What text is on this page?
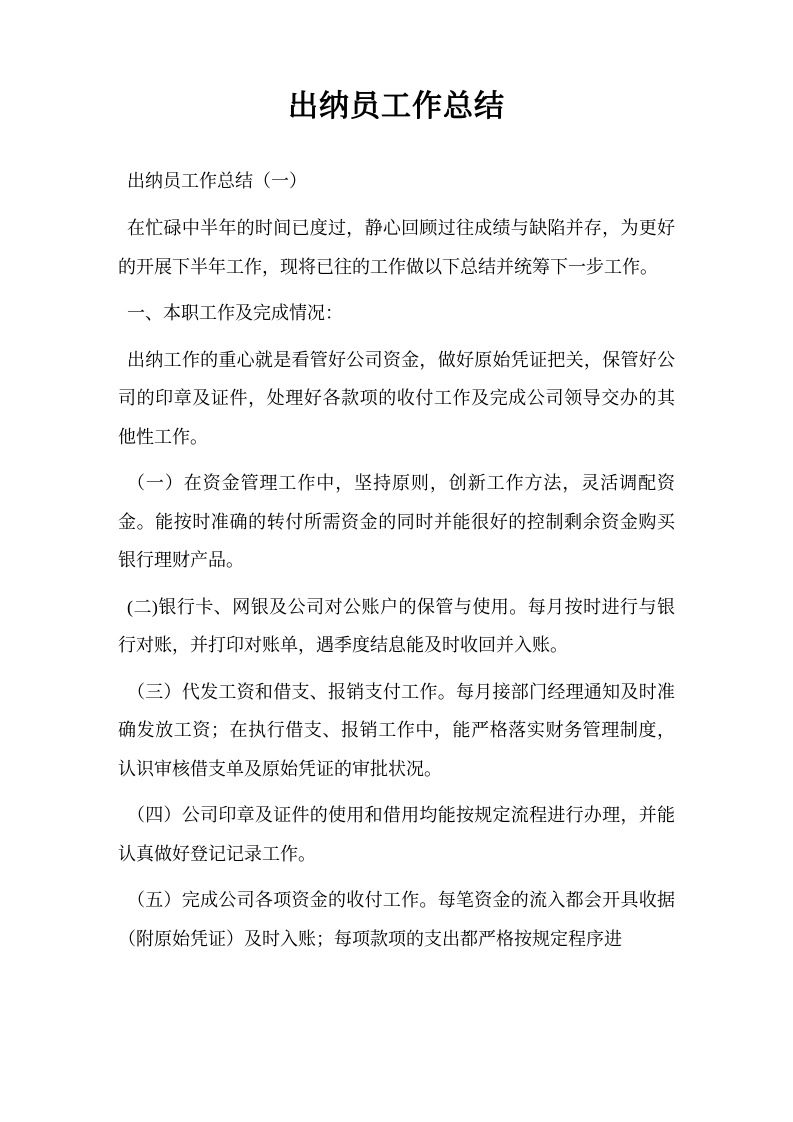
出纳员工作总结

出纳员工作总结（一）

在忙碌中半年的时间已度过，静心回顾过往成绩与缺陷并存，为更好的开展下半年工作，现将已往的工作做以下总结并统筹下一步工作。

一、本职工作及完成情况：

出纳工作的重心就是看管好公司资金，做好原始凭证把关，保管好公司的印章及证件，处理好各款项的收付工作及完成公司领导交办的其他性工作。

（一）在资金管理工作中，坚持原则，创新工作方法，灵活调配资金。能按时准确的转付所需资金的同时并能很好的控制剩余资金购买银行理财产品。

(二)银行卡、网银及公司对公账户的保管与使用。每月按时进行与银行对账，并打印对账单，遇季度结息能及时收回并入账。

（三）代发工资和借支、报销支付工作。每月接部门经理通知及时准确发放工资；在执行借支、报销工作中，能严格落实财务管理制度，认识审核借支单及原始凭证的审批状况。

（四）公司印章及证件的使用和借用均能按规定流程进行办理，并能认真做好登记记录工作。

（五）完成公司各项资金的收付工作。每笔资金的流入都会开具收据（附原始凭证）及时入账；每项款项的支出都严格按规定程序进
